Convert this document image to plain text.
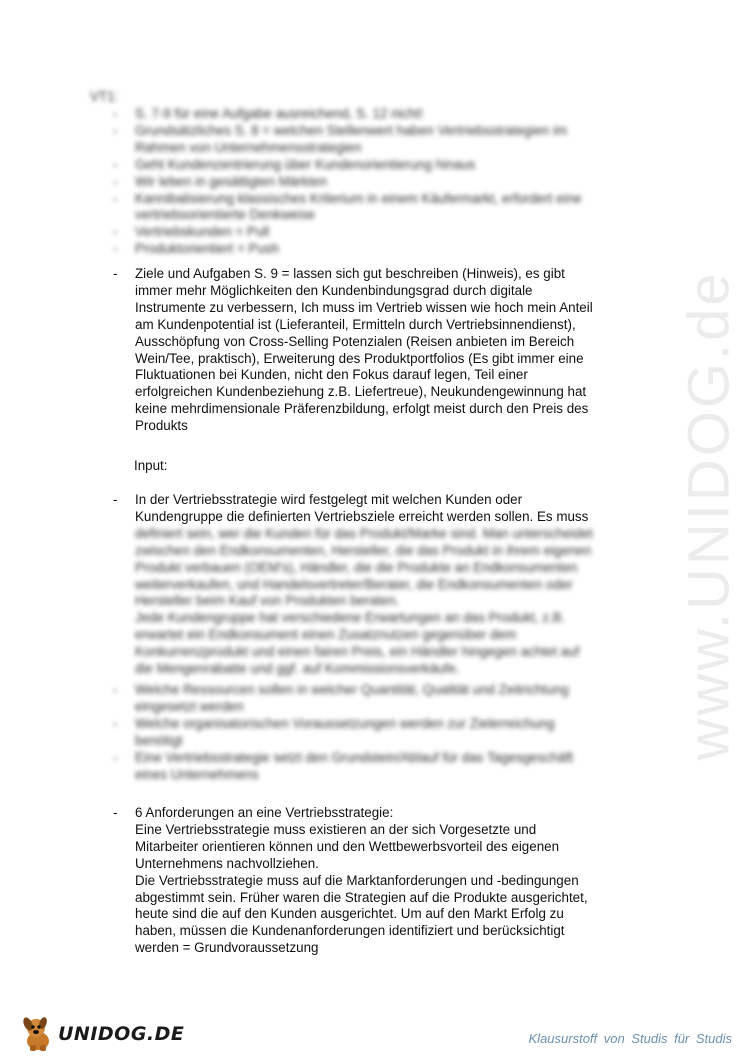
VT1:
-	S. 7-9 für eine Aufgabe ausreichend, S. 12 nicht!
-	Grundsätzliches S. 8 = welchen Stellenwert haben Vertriebsstrategien im
Rahmen von Unternehmensstrategien
-	Geht Kundenzentrierung über Kundenorientierung hinaus
-	Wir leben in gesättigten Märkten
-	Kannibalisierung klassisches Kriterium in einem Käufermarkt, erfordert eine
vertriebsorientierte Denkweise
-	Vertriebskunden = Pull
-	Produktorientiert = Push
-	Ziele und Aufgaben S. 9 = lassen sich gut beschreiben (Hinweis), es gibt
immer mehr Möglichkeiten den Kundenbindungsgrad durch digitale
Instrumente zu verbessern, Ich muss im Vertrieb wissen wie hoch mein Anteil
am Kundenpotential ist (Lieferanteil, Ermitteln durch Vertriebsinnendienst),
Ausschöpfung von Cross-Selling Potenzialen (Reisen anbieten im Bereich
Wein/Tee, praktisch), Erweiterung des Produktportfolios (Es gibt immer eine
Fluktuationen bei Kunden, nicht den Fokus darauf legen, Teil einer
erfolgreichen Kundenbeziehung z.B. Liefertreue), Neukundengewinnung hat
keine mehrdimensionale Präferenzbildung, erfolgt meist durch den Preis des
Produkts
Input:
-	In der Vertriebsstrategie wird festgelegt mit welchen Kunden oder
Kundengruppe die definierten Vertriebsziele erreicht werden sollen. Es muss
definiert sein, wer die Kunden für das Produkt/Marke sind. Man unterscheidet
zwischen den Endkonsumenten, Hersteller, die das Produkt in ihrem eigenen
Produkt verbauen (OEM's), Händler, die die Produkte an Endkonsumenten
weiterverkaufen, und Handelsvertreter/Berater, die Endkonsumenten oder
Hersteller beim Kauf von Produkten beraten.
Jede Kundengruppe hat verschiedene Erwartungen an das Produkt, z.B.
erwartet ein Endkonsument einen Zusatznutzen gegenüber dem
Konkurrenzprodukt und einen fairen Preis, ein Händler hingegen achtet auf
die Mengenrabatte und ggf. auf Kommissionsverkäufe.
-	Welche Ressourcen sollen in welcher Quantität, Qualität und Zeitrichtung
eingesetzt werden
-	Welche organisatorischen Voraussetzungen werden zur Zielerreichung
benötigt
-	Eine Vertriebsstrategie setzt den Grundstein/Ablauf für das Tagesgeschäft
eines Unternehmens
-	6 Anforderungen an eine Vertriebsstrategie:
Eine Vertriebsstrategie muss existieren an der sich Vorgesetzte und
Mitarbeiter orientieren können und den Wettbewerbsvorteil des eigenen
Unternehmens nachvollziehen.
Die Vertriebsstrategie muss auf die Marktanforderungen und -bedingungen
abgestimmt sein. Früher waren die Strategien auf die Produkte ausgerichtet,
heute sind die auf den Kunden ausgerichtet. Um auf den Markt Erfolg zu
haben, müssen die Kundenanforderungen identifiziert und berücksichtigt
werden = Grundvoraussetzung
www.UNIDOG.de
UNIDOG.DE	Klausurstoff von Studis für Studis
